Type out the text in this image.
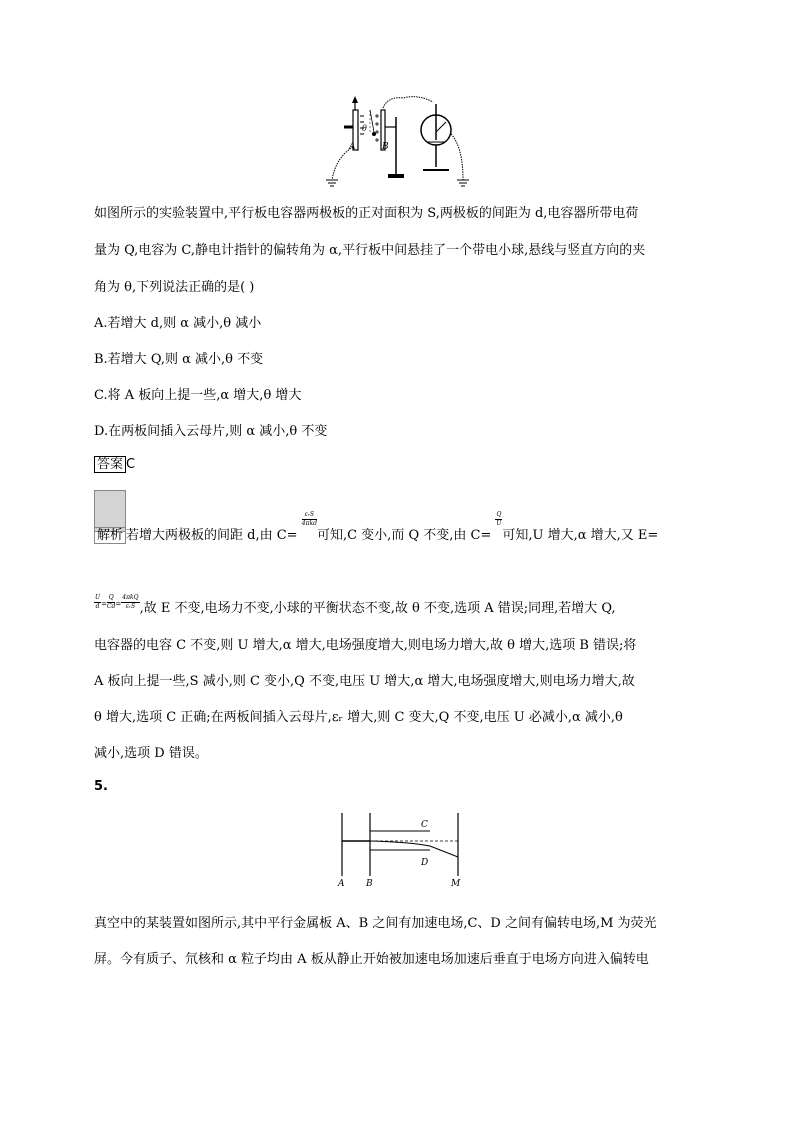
A	B
θ
如图所示的实验装置中,平行板电容器两极板的正对面积为 S,两极板的间距为 d,电容器所带电荷
量为 Q,电容为 C,静电计指针的偏转角为 α,平行板中间悬挂了一个带电小球,悬线与竖直方向的夹
角为 θ,下列说法正确的是( )
A.若增大 d,则 α 减小,θ 减小
B.若增大 Q,则 α 减小,θ 不变
C.将 A 板向上提一些,α 增大,θ 增大
D.在两板间插入云母片,则 α 减小,θ 不变
答案 C
解析 若增大两极板的间距 d,由 C=
$\frac{\text{εᵣS}}{\text{4πkd}}$
可知,C 变小,而 Q 不变,由 C=
$\frac{Q}{U}$
可知,U 增大,α 增大,又 E=
$\frac{U}{d} ^= \frac{Q}{Cd} ^= \frac{\text{4πkQ}}{\text{εᵣS}}$ ,故 E 不变,电场力不变,小球的平衡状态不变,故 θ 不变,选项 A 错误;同理,若增大 Q,
电容器的电容 C 不变,则 U 增大,α 增大,电场强度增大,则电场力增大,故 θ 增大,选项 B 错误;将
A 板向上提一些,S 减小,则 C 变小,Q 不变,电压 U 增大,α 增大,电场强度增大,则电场力增大,故
θ 增大,选项 C 正确;在两板间插入云母片,εᵣ 增大,则 C 变大,Q 不变,电压 U 必减小,α 减小,θ
减小,选项 D 错误。
5.
C
D
A B	M
真空中的某装置如图所示,其中平行金属板 A、B 之间有加速电场,C、D 之间有偏转电场,M 为荧光
屏。今有质子、氘核和 α 粒子均由 A 板从静止开始被加速电场加速后垂直于电场方向进入偏转电
